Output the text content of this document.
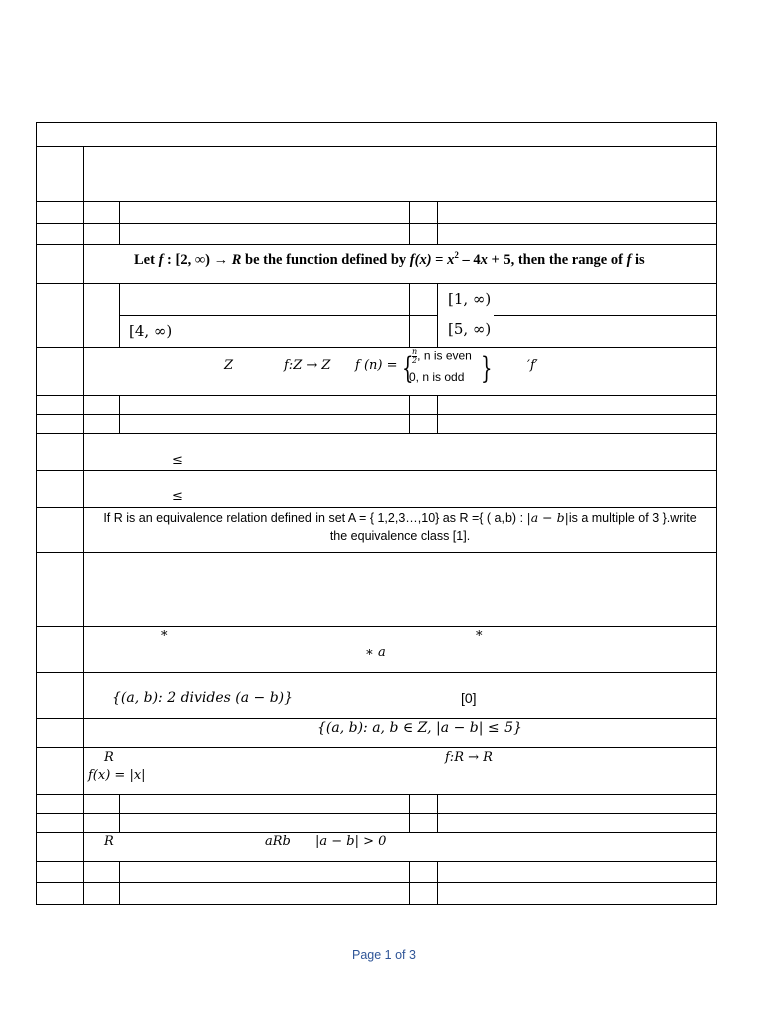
Let f : [2, ∞) → R be the function defined by $f(x) = x^2 - 4x + 5$, then the range of f is
[1, ∞)
[4, ∞)	[5, ∞)
Z	f:Z → Z f (n) = {
$\frac{n}{2}$ , n is even
0, n is odd }	′f′
≤
≤
If R is an equivalence relation defined in set A = { 1,2,3…,10} as R ={ ( a,b) : |a − b|is a multiple of 3 }.write
the equivalence class [1].
*	*
∗ a
{(a, b): 2 divides (a − b)}	[0]
{(a, b): a, b ∈ Z, |a − b| ≤ 5}
R	f:R → R
f(x) = |x|
R	aRb |a − b| > 0
Page 1 of 3
